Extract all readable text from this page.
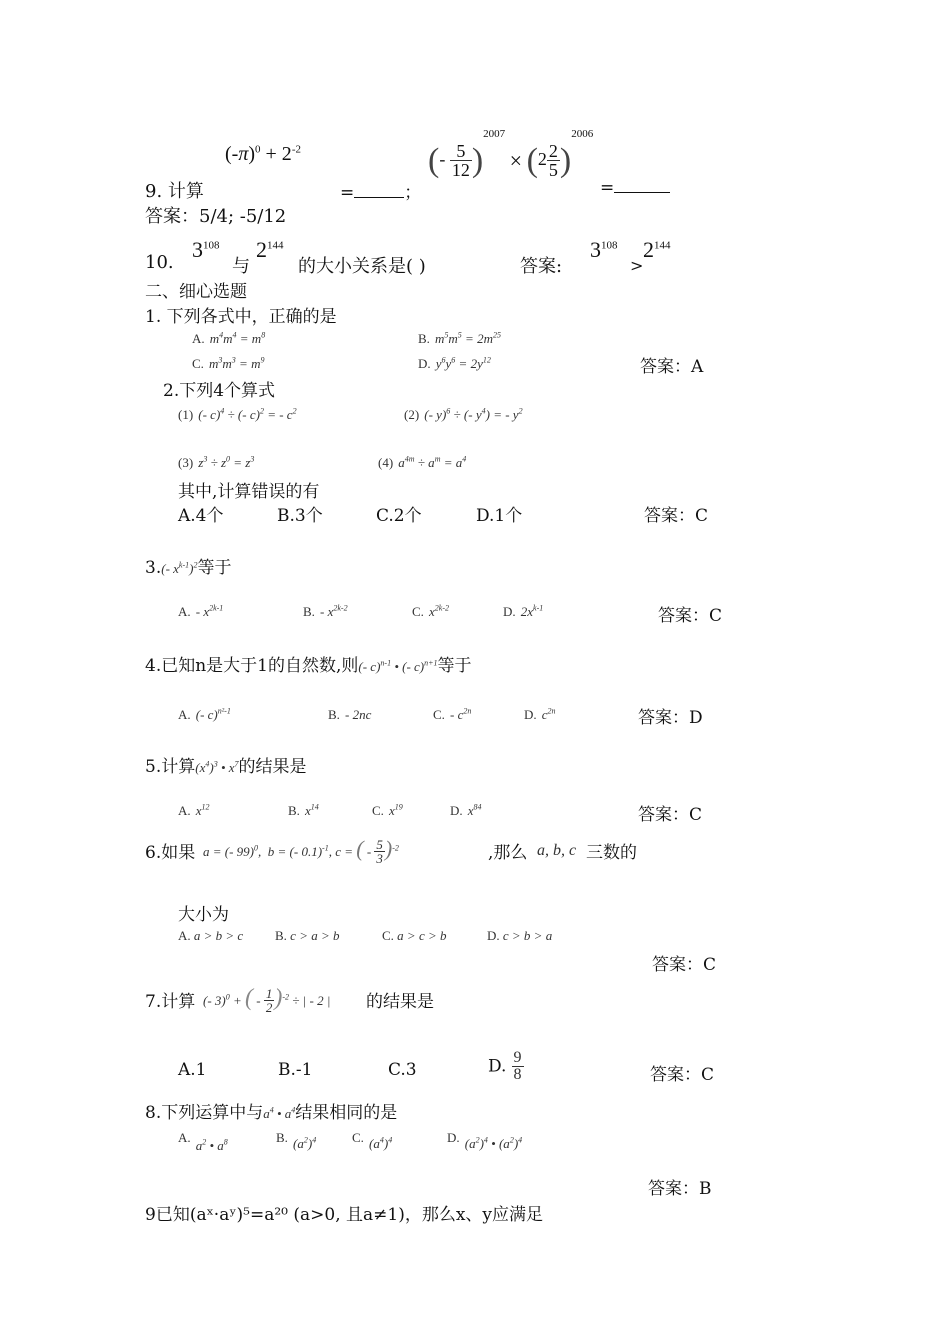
$(-\pi)^0 + 2^{-2}$	(- $\frac{5}{12} )^{2007} \times (2 \frac{2}{5} )^{2006}$
9. 计算	=	；	=
答案：5/4; -5/12
10.
$3^{108}$
与
$2^{144}$
的大小关系是( )	答案:
$3^{108}$
>
$2^{144}$
二、细心选题
1. 下列各式中，正确的是
A. $m^4m^4 = m^8$	B. $m^5m^5 = 2m^{25}$
C. $m^3m^3 = m^9$	D. $y^6y^6 = 2y^{12}$	答案：A
2.下列4个算式
(1) (- c)$^4$ ÷ (- c)$^2$ = - $c^2$	(2) (- y)$^6$ ÷ (- $y^4$) = - $y^2$
(3) $z^3 \div z^0 = z^3$	(4) $a^{4m} \div a^m = a^4$
其中,计算错误的有
A.4个	B.3个	C.2个	D.1个	答案：C
3.(- $x^{k-1})^2$等于
A. - $x^{2k-1}$	B. - $x^{2k-2}$	C. $x^{2k-2}$	D. $2x^{k-1}$	答案：C
4.已知n是大于1的自然数,则(- c)$^{n-1}$ • (- c)$^{n+1}$等于
A. (- c)$^{n^2-1}$	B. - 2nc	C. - $c^{2n}$	D. $c^{2n}$	答案：D
5.计算$(x^4)^3$ • $x^7$的结果是
A. $x^{12}$	B. $x^{14}$	C. $x^{19}$	D. $x^{84}$	答案：C
6.如果 a = (- 99)$^0$,  b = (- 0.1)$^{-1}$, c = ( - $\frac{5}{3} )^{-2}$	,那么 a, b, c 三数的
大小为
A. a > b > c B. c > a > b	C. a > c > b	D. c > b > a
答案：C
7.计算 (- 3)$^0$ + ( - $\frac{1}{2} )^{-2}$ ÷ | - 2 | 的结果是
A.1	B.-1	C.3	D. $\frac{9}{8}$	答案：C
8.下列运算中与$a^4$ • $a^4$结果相同的是
A. $_{a^2 • a^8}$	B. $_{(a^2)^4}$	C. $_{(a^4)^4}$	D. $_{(a^2)^4 • (a^2)^4}$
答案：B
9已知(aˣ·aʸ)⁵=a²⁰ (a>0, 且a≠1)，那么x、y应满足
